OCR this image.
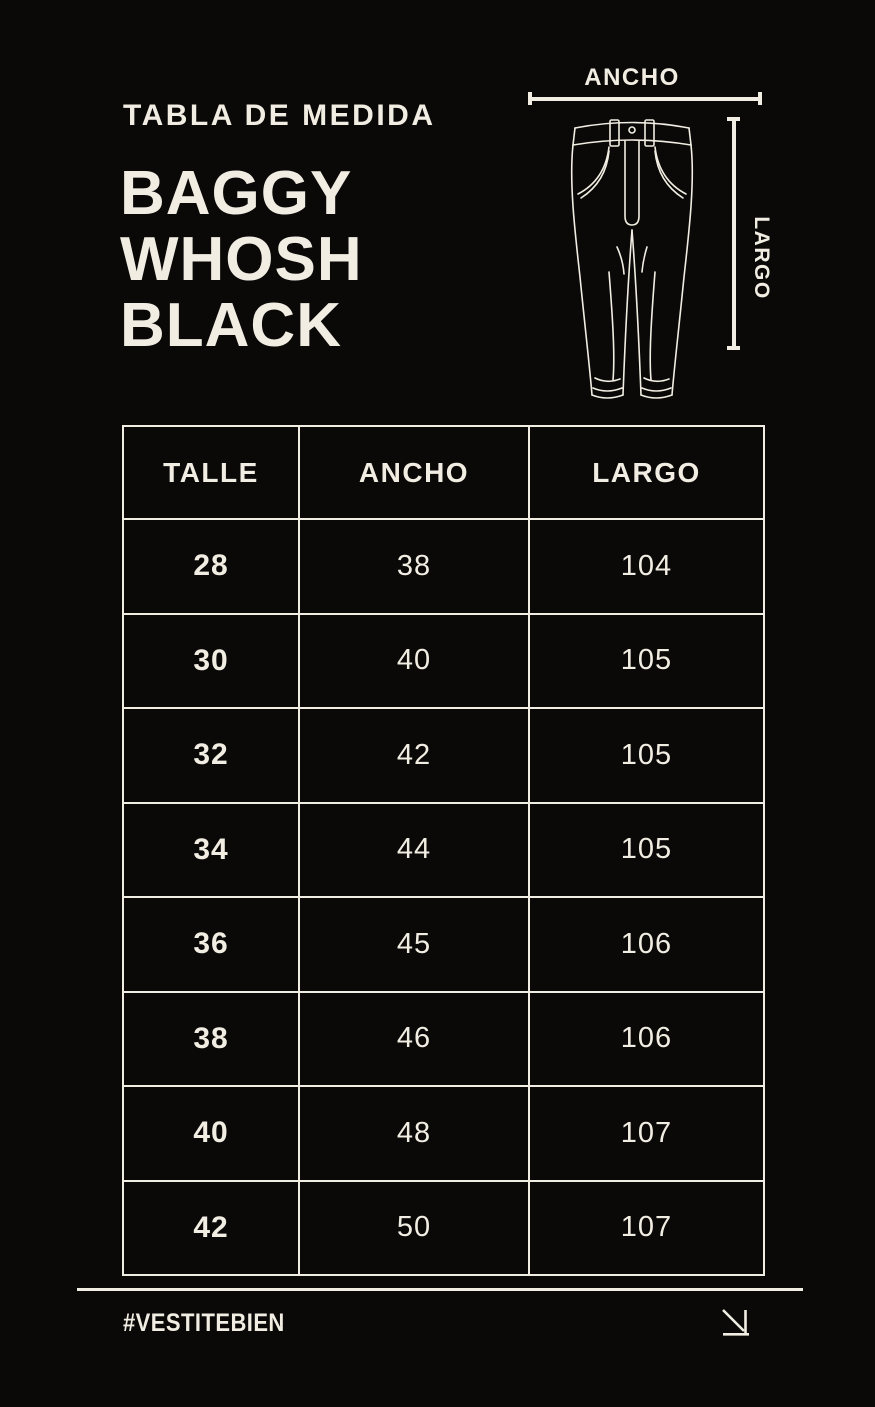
TABLA DE MEDIDA
BAGGY
WHOSH
BLACK
ANCHO
LARGO
TALLE	ANCHO	LARGO
28	38	104
30	40	105
32	42	105
34	44	105
36	45	106
38	46	106
40	48	107
42	50	107
#VESTITEBIEN
